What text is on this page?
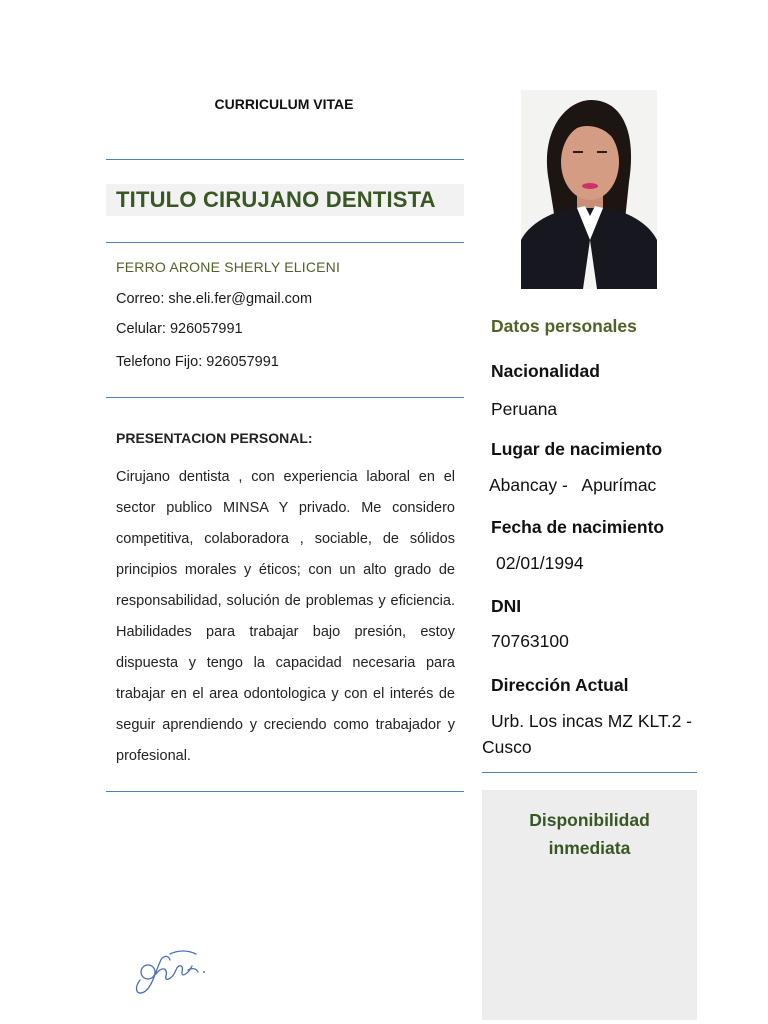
CURRICULUM VITAE
TITULO CIRUJANO DENTISTA
FERRO ARONE SHERLY ELICENI
Correo: she.eli.fer@gmail.com
Celular: 926057991
Telefono Fijo: 926057991
PRESENTACION PERSONAL:
Cirujano dentista , con experiencia laboral en el sector publico MINSA Y privado. Me considero competitiva, colaboradora , sociable, de sólidos principios morales y éticos; con un alto grado de responsabilidad, solución de problemas y eficiencia. Habilidades para trabajar bajo presión, estoy dispuesta y tengo la capacidad necesaria para trabajar en el area odontologica y con el interés de seguir aprendiendo y creciendo como trabajador y profesional.
Datos personales
Nacionalidad
Peruana
Lugar de nacimiento
Abancay -   Apurímac
Fecha de nacimiento
02/01/1994
DNI
70763100
Dirección Actual
Urb. Los incas MZ KLT.2 -
Cusco
Disponibilidad
inmediata
